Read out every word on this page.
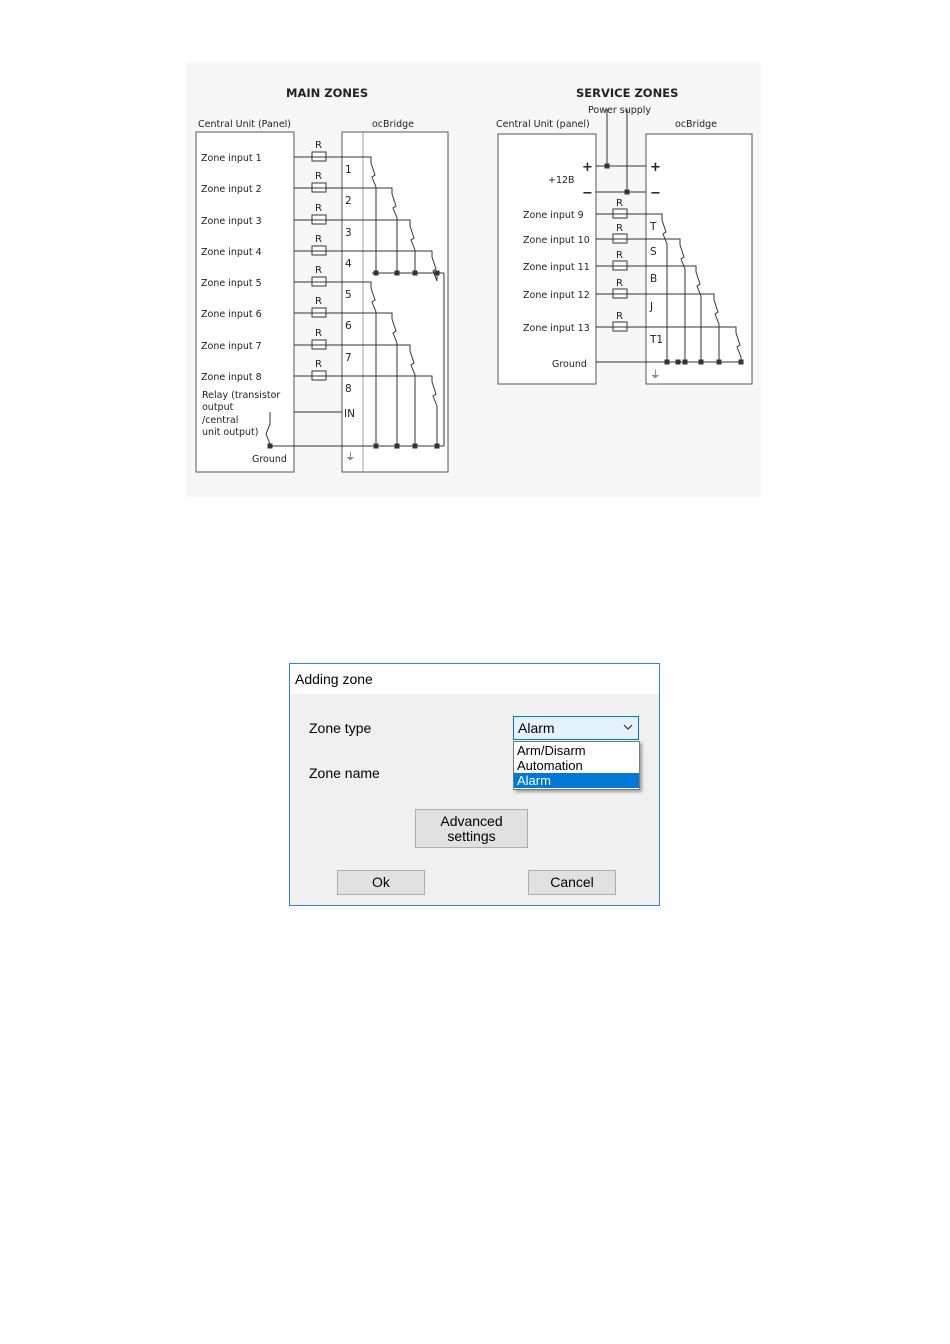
MAIN ZONES
Central Unit (Panel)	ocBridge
Zone input 1
R
1
Zone input 2
R
2
Zone input 3
R
3
Zone input 4
R
4
Zone input 5
R
5
Zone input 6
R
6
Zone input 7
R
7
Zone input 8
R
8
Relay (transistor
output
/central
unit output)
IN
Ground	⏚
SERVICE ZONES
Power supply
Central Unit (panel)	ocBridge
+
−
+
−
+12B
Zone input 9
R
T
Zone input 10
R
S
Zone input 11
R
B
Zone input 12
R
J
Zone input 13
R
T1
Ground
⏚
Adding zone
Zone type	Alarm
Arm/Disarm
Automation
Alarm
Zone name
Advanced
settings
Ok	Cancel
